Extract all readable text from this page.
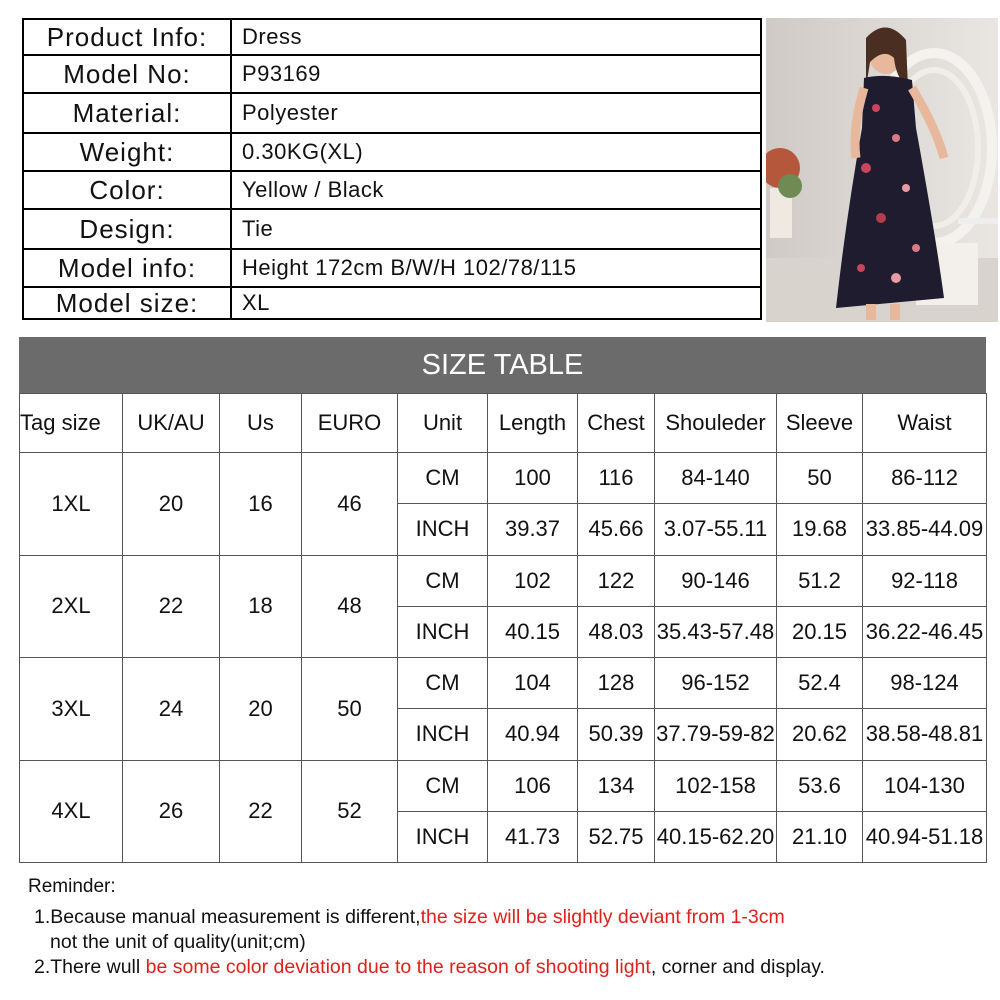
Product Info:	Dress
Model No:	P93169
Material:	Polyester
Weight:	0.30KG(XL)
Color:	Yellow / Black
Design:	Tie
Model info:	Height 172cm B/W/H 102/78/115
Model size:	XL
SIZE TABLE
Tag size	UK/AU	Us	EURO	Unit	Length	Chest	Shouleder	Sleeve	Waist
1XL	20	16	46	CM	100	116	84-140	50	86-112
				INCH	39.37	45.66	3.07-55.11	19.68	33.85-44.09
2XL	22	18	48	CM	102	122	90-146	51.2	92-118
				INCH	40.15	48.03	35.43-57.48	20.15	36.22-46.45
3XL	24	20	50	CM	104	128	96-152	52.4	98-124
				INCH	40.94	50.39	37.79-59-82	20.62	38.58-48.81
4XL	26	22	52	CM	106	134	102-158	53.6	104-130
				INCH	41.73	52.75	40.15-62.20	21.10	40.94-51.18
Reminder:
1.Because manual measurement is different,the size will be slightly deviant from 1-3cm
not the unit of quality(unit;cm)
2.There wull be some color deviation due to the reason of shooting light, corner and display.
